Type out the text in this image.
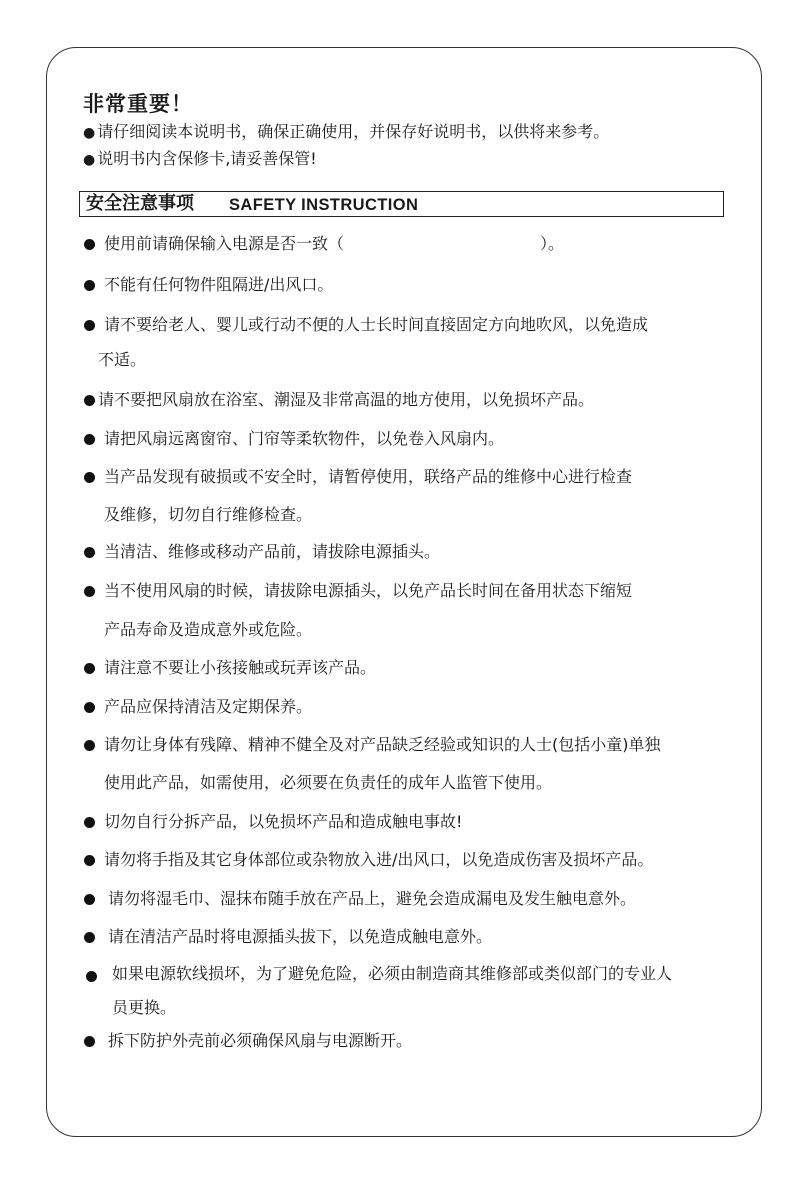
非常重要！
● 请仔细阅读本说明书，确保正确使用，并保存好说明书，以供将来参考。
● 说明书内含保修卡,请妥善保管!
安全注意事项 SAFETY INSTRUCTION
使用前请确保输入电源是否一致（	）。
不能有任何物件阻隔进/出风口。
请不要给老人、婴儿或行动不便的人士长时间直接固定方向地吹风，以免造成
不适。
请不要把风扇放在浴室、潮湿及非常高温的地方使用，以免损坏产品。
请把风扇远离窗帘、门帘等柔软物件，以免卷入风扇内。
当产品发现有破损或不安全时，请暂停使用，联络产品的维修中心进行检查
及维修，切勿自行维修检查。
当清洁、维修或移动产品前，请拔除电源插头。
当不使用风扇的时候，请拔除电源插头，以免产品长时间在备用状态下缩短
产品寿命及造成意外或危险。
请注意不要让小孩接触或玩弄该产品。
产品应保持清洁及定期保养。
请勿让身体有残障、精神不健全及对产品缺乏经验或知识的人士(包括小童)单独
使用此产品，如需使用，必须要在负责任的成年人监管下使用。
切勿自行分拆产品，以免损坏产品和造成触电事故!
请勿将手指及其它身体部位或杂物放入进/出风口，以免造成伤害及损坏产品。
请勿将湿毛巾、湿抹布随手放在产品上，避免会造成漏电及发生触电意外。
请在清洁产品时将电源插头拔下，以免造成触电意外。
如果电源软线损坏，为了避免危险，必须由制造商其维修部或类似部门的专业人
员更换。
拆下防护外壳前必须确保风扇与电源断开。
